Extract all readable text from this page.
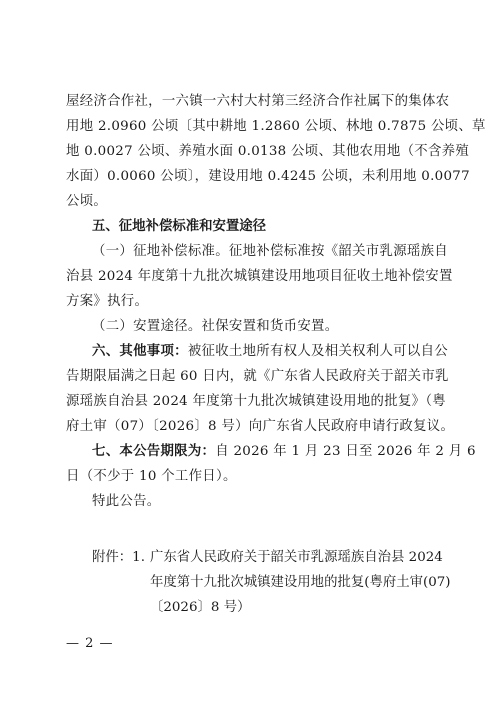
屋经济合作社，一六镇一六村大村第三经济合作社属下的集体农
用地 2.0960 公顷〔其中耕地 1.2860 公顷、林地 0.7875 公顷、草
地 0.0027 公顷、养殖水面 0.0138 公顷、其他农用地（不含养殖
水面）0.0060 公顷〕，建设用地 0.4245 公顷，未利用地 0.0077
公顷。
五、征地补偿标准和安置途径
（一）征地补偿标准。征地补偿标准按《韶关市乳源瑶族自
治县 2024 年度第十九批次城镇建设用地项目征收土地补偿安置
方案》执行。
（二）安置途径。社保安置和货币安置。
六、其他事项：被征收土地所有权人及相关权利人可以自公
告期限届满之日起 60 日内，就《广东省人民政府关于韶关市乳
源瑶族自治县 2024 年度第十九批次城镇建设用地的批复》（粤
府土审（07）〔2026〕8 号）向广东省人民政府申请行政复议。
七、本公告期限为：自 2026 年 1 月 23 日至 2026 年 2 月 6
日（不少于 10 个工作日）。
特此公告。
附件：1. 广东省人民政府关于韶关市乳源瑶族自治县 2024
年度第十九批次城镇建设用地的批复(粤府土审(07)
〔2026〕8 号）
— 2 —
